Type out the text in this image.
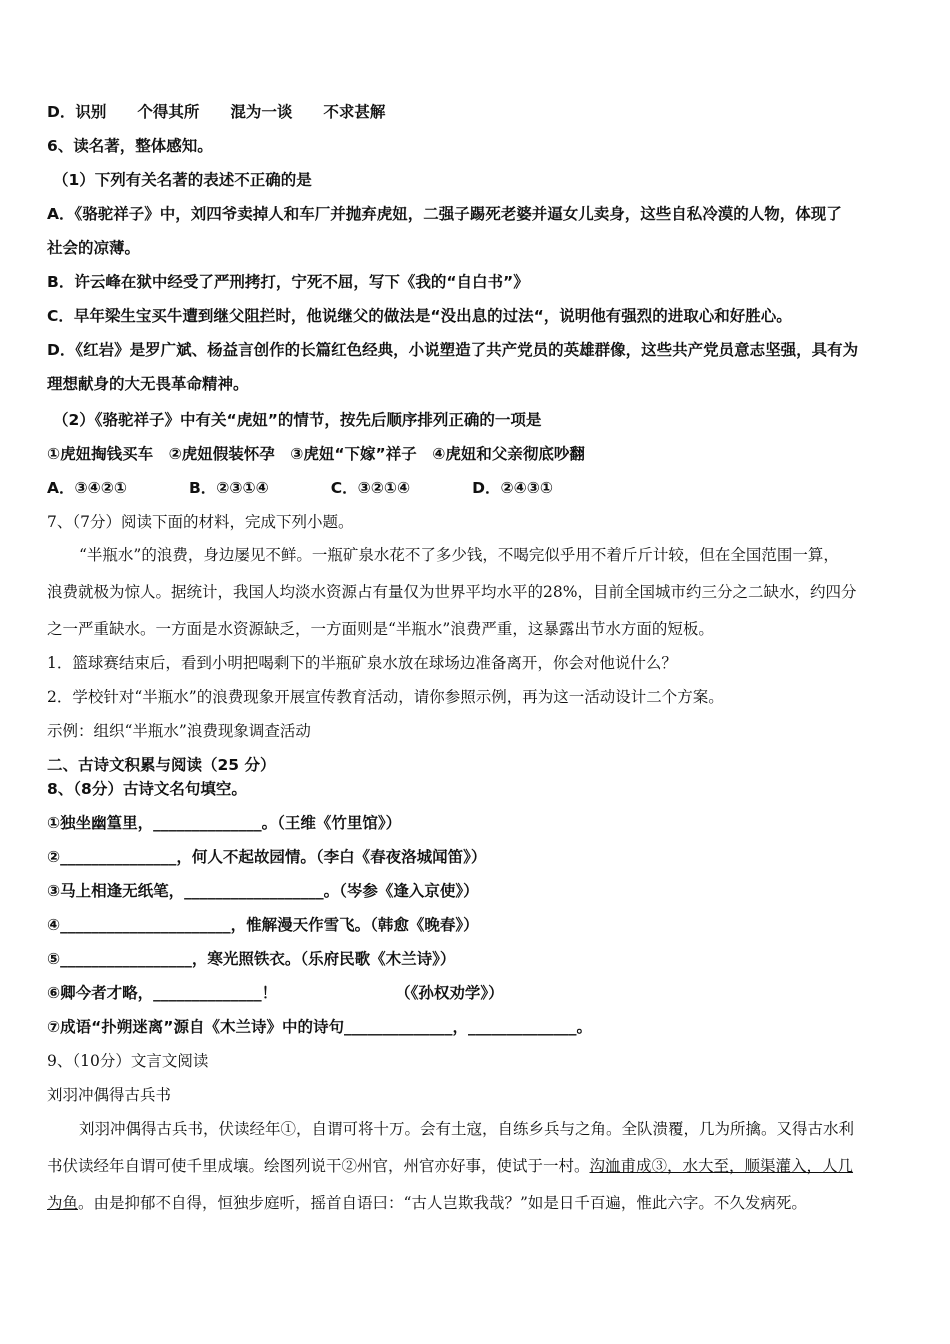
D．识别　　个得其所　　混为一谈　　不求甚解
6、读名著，整体感知。
（1）下列有关名著的表述不正确的是
A．《骆驼祥子》中，刘四爷卖掉人和车厂并抛弃虎妞，二强子踢死老婆并逼女儿卖身，这些自私冷漠的人物，体现了
社会的凉薄。
B．许云峰在狱中经受了严刑拷打，宁死不屈，写下《我的“自白书”》
C．早年梁生宝买牛遭到继父阻拦时，他说继父的做法是“没出息的过法“，说明他有强烈的进取心和好胜心。
D．《红岩》是罗广斌、杨益言创作的长篇红色经典，小说塑造了共产党员的英雄群像，这些共产党员意志坚强，具有为
理想献身的大无畏革命精神。
（2）《骆驼祥子》中有关“虎妞”的情节，按先后顺序排列正确的一项是
①虎妞掏钱买车　②虎妞假装怀孕　③虎妞“下嫁”祥子　④虎妞和父亲彻底吵翻
A．③④②①　　　　B．②③①④　　　　C．③②①④　　　　D．②④③①
7、（7分）阅读下面的材料，完成下列小题。
“半瓶水”的浪费，身边屡见不鲜。一瓶矿泉水花不了多少钱，不喝完似乎用不着斤斤计较，但在全国范围一算，
浪费就极为惊人。据统计，我国人均淡水资源占有量仅为世界平均水平的28%，目前全国城市约三分之二缺水，约四分
之一严重缺水。一方面是水资源缺乏，一方面则是“半瓶水”浪费严重，这暴露出节水方面的短板。
1．篮球赛结束后，看到小明把喝剩下的半瓶矿泉水放在球场边准备离开，你会对他说什么？
2．学校针对“半瓶水”的浪费现象开展宣传教育活动，请你参照示例，再为这一活动设计二个方案。
示例：组织“半瓶水”浪费现象调查活动
二、古诗文积累与阅读（25 分）
8、（8分）古诗文名句填空。
①独坐幽篁里，______________。（王维《竹里馆》）
②_______________，何人不起故园情。（李白《春夜洛城闻笛》）
③马上相逢无纸笔，__________________。（岑参《逢入京使》）
④______________________，惟解漫天作雪飞。（韩愈《晚春》）
⑤_________________，寒光照铁衣。（乐府民歌《木兰诗》）
⑥卿今者才略，______________！	（《孙权劝学》）
⑦成语“扑朔迷离”源自《木兰诗》中的诗句______________，______________。
9、（10分）文言文阅读
刘羽冲偶得古兵书
刘羽冲偶得古兵书，伏读经年①，自谓可将十万。会有土寇，自练乡兵与之角。全队溃覆，几为所擒。又得古水利
书伏读经年自谓可使千里成壤。绘图列说干②州官，州官亦好事，使试于一村。沟洫甫成③，水大至，顺渠灌入，人几
为鱼。由是抑郁不自得，恒独步庭听，摇首自语曰：“古人岂欺我哉？”如是日千百遍，惟此六字。不久发病死。
